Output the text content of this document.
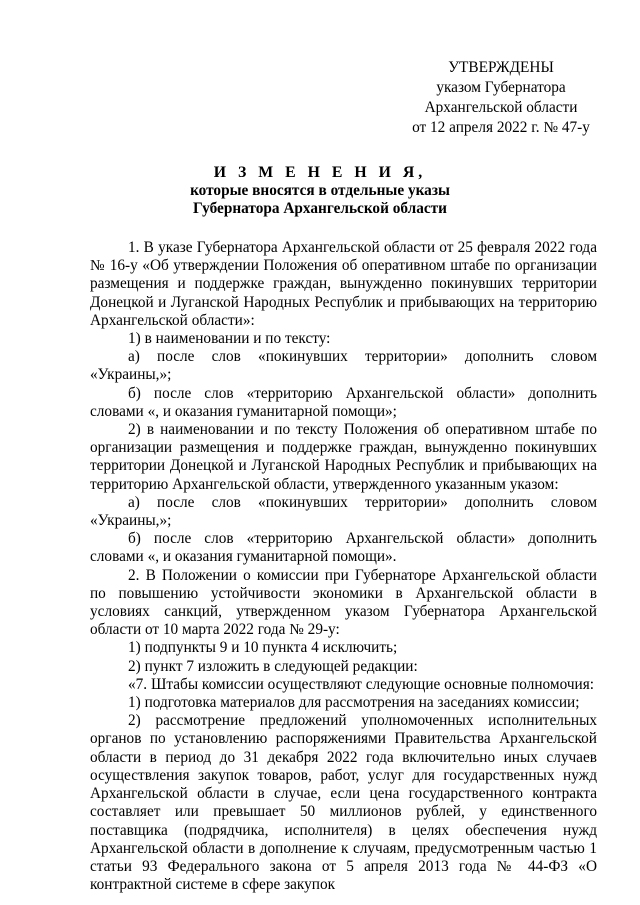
УТВЕРЖДЕНЫ
указом Губернатора
Архангельской области
от 12 апреля 2022 г. № 47-у
И З М Е Н Е Н И Я,
которые вносятся в отдельные указы
Губернатора Архангельской области

1. В указе Губернатора Архангельской области от 25 февраля 2022 года № 16-у «Об утверждении Положения об оперативном штабе по организации размещения и поддержке граждан, вынужденно покинувших территории Донецкой и Луганской Народных Республик и прибывающих на территорию Архангельской области»:

1) в наименовании и по тексту:

а) после слов «покинувших территории» дополнить словом «Украины,»;

б) после слов «территорию Архангельской области» дополнить словами «, и оказания гуманитарной помощи»;

2) в наименовании и по тексту Положения об оперативном штабе по организации размещения и поддержке граждан, вынужденно покинувших территории Донецкой и Луганской Народных Республик и прибывающих на территорию Архангельской области, утвержденного указанным указом:

а) после слов «покинувших территории» дополнить словом «Украины,»;

б) после слов «территорию Архангельской области» дополнить словами «, и оказания гуманитарной помощи».

2. В Положении о комиссии при Губернаторе Архангельской области по повышению устойчивости экономики в Архангельской области в условиях санкций, утвержденном указом Губернатора Архангельской области от 10 марта 2022 года № 29-у:

1) подпункты 9 и 10 пункта 4 исключить;

2) пункт 7 изложить в следующей редакции:

«7. Штабы комиссии осуществляют следующие основные полномочия:

1) подготовка материалов для рассмотрения на заседаниях комиссии;

2) рассмотрение предложений уполномоченных исполнительных органов по установлению распоряжениями Правительства Архангельской области в период до 31 декабря 2022 года включительно иных случаев осуществления закупок товаров, работ, услуг для государственных нужд Архангельской области в случае, если цена государственного контракта составляет или превышает 50 миллионов рублей, у единственного поставщика (подрядчика, исполнителя) в целях обеспечения нужд Архангельской области в дополнение к случаям, предусмотренным частью 1 статьи 93 Федерального закона от 5 апреля 2013 года № 44-ФЗ «О контрактной системе в сфере закупок
